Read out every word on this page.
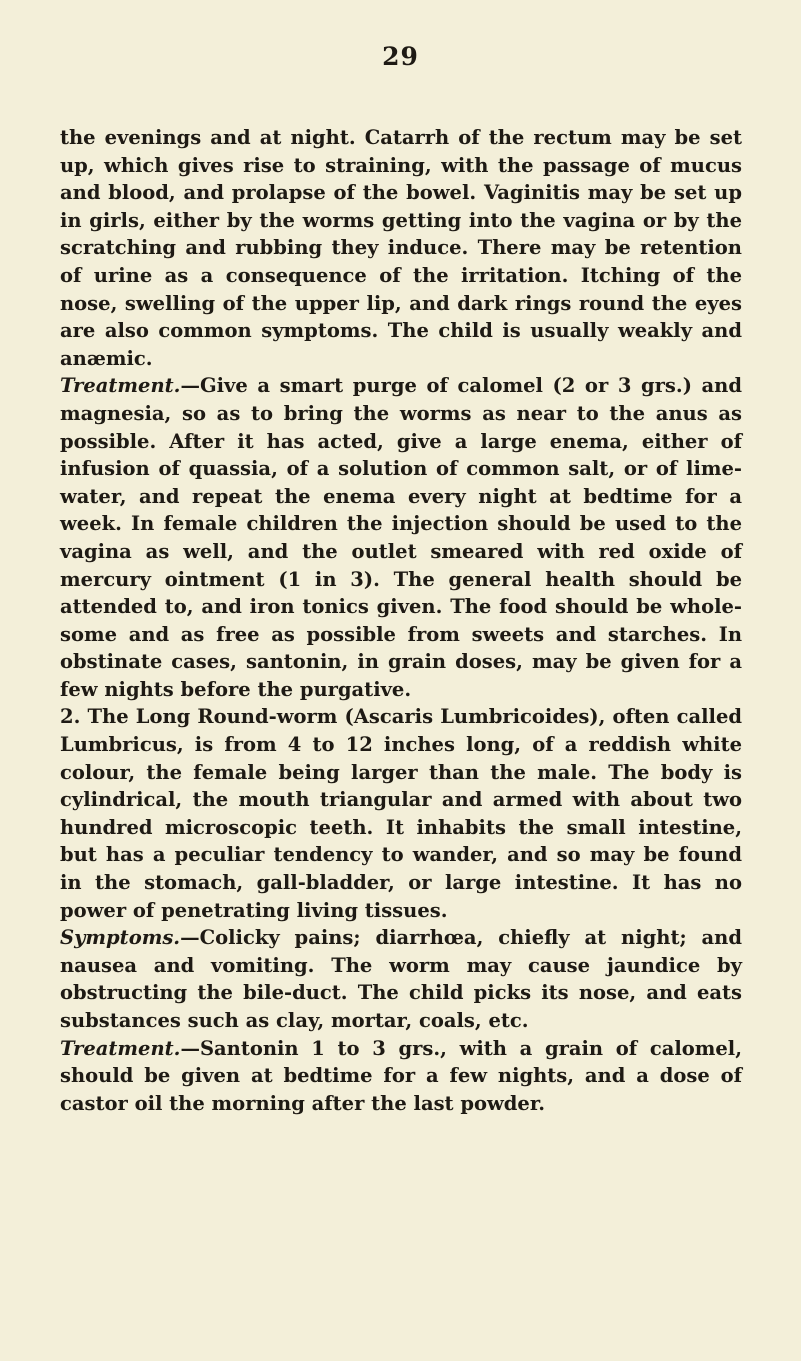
29

the evenings and at night. Catarrh of the rectum may be set up, which gives rise to straining, with the passage of mucus and blood, and prolapse of the bowel. Vaginitis may be set up in girls, either by the worms getting into the vagina or by the scratching and rubbing they induce. There may be retention of urine as a consequence of the irritation. Itching of the nose, swelling of the upper lip, and dark rings round the eyes are also common symptoms. The child is usually weakly and anæmic.

Treatment.—Give a smart purge of calomel (2 or 3 grs.) and magnesia, so as to bring the worms as near to the anus as possible. After it has acted, give a large enema, either of infusion of quassia, of a solution of common salt, or of lime-water, and repeat the enema every night at bedtime for a week. In female children the injection should be used to the vagina as well, and the outlet smeared with red oxide of mercury ointment (1 in 3). The general health should be attended to, and iron tonics given. The food should be whole-some and as free as possible from sweets and starches. In obstinate cases, santonin, in grain doses, may be given for a few nights before the purgative.

2. The Long Round-worm (Ascaris Lumbricoides), often called Lumbricus, is from 4 to 12 inches long, of a reddish white colour, the female being larger than the male. The body is cylindrical, the mouth triangular and armed with about two hundred microscopic teeth. It inhabits the small intestine, but has a peculiar tendency to wander, and so may be found in the stomach, gall-bladder, or large intestine. It has no power of penetrating living tissues.

Symptoms.—Colicky pains; diarrhœa, chiefly at night; and nausea and vomiting. The worm may cause jaundice by obstructing the bile-duct. The child picks its nose, and eats substances such as clay, mortar, coals, etc.

Treatment.—Santonin 1 to 3 grs., with a grain of calomel, should be given at bedtime for a few nights, and a dose of castor oil the morning after the last powder.
